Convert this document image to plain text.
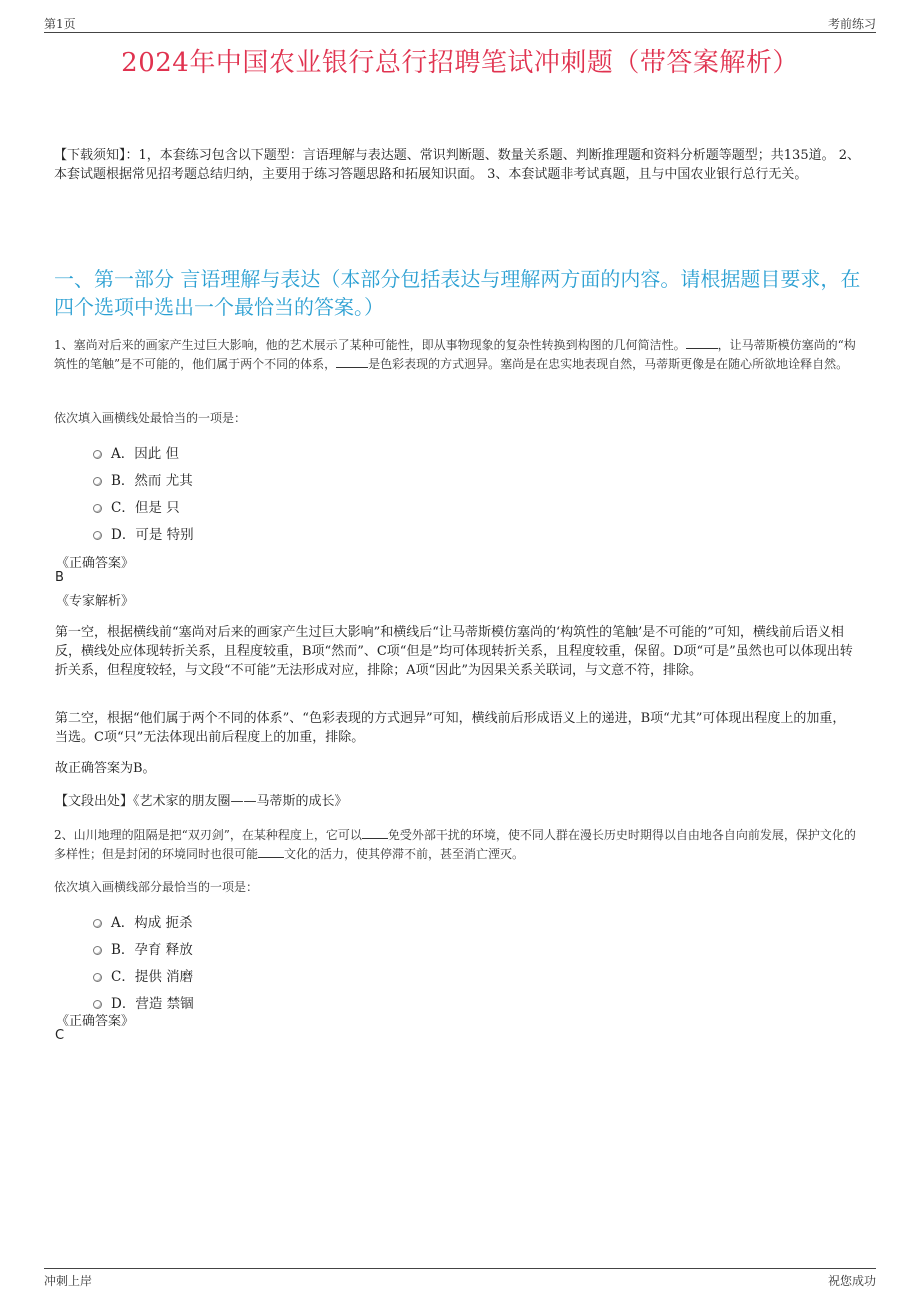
第1页	考前练习
2024年中国农业银行总行招聘笔试冲刺题（带答案解析）
【下载须知】：1，本套练习包含以下题型：言语理解与表达题、常识判断题、数量关系题、判断推理题和资料分析题等题型；共135道。 2、本套试题根据常见招考题总结归纳，主要用于练习答题思路和拓展知识面。 3、本套试题非考试真题，且与中国农业银行总行无关。
一、第一部分 言语理解与表达（本部分包括表达与理解两方面的内容。请根据题目要求，在四个选项中选出一个最恰当的答案。）
1、塞尚对后来的画家产生过巨大影响，他的艺术展示了某种可能性，即从事物现象的复杂性转换到构图的几何简洁性。	，让马蒂斯模仿塞尚的“构筑性的笔触”是不可能的，他们属于两个不同的体系，	是色彩表现的方式迥异。塞尚是在忠实地表现自然，马蒂斯更像是在随心所欲地诠释自然。
依次填入画横线处最恰当的一项是：
A．因此 但
B．然而 尤其
C．但是 只
D．可是 特别
《正确答案》
B
《专家解析》
第一空，根据横线前“塞尚对后来的画家产生过巨大影响”和横线后“让马蒂斯模仿塞尚的‘构筑性的笔触’是不可能的”可知，横线前后语义相反，横线处应体现转折关系，且程度较重，B项“然而”、C项“但是”均可体现转折关系，且程度较重，保留。D项“可是”虽然也可以体现出转折关系，但程度较轻，与文段“不可能”无法形成对应，排除；A项“因此”为因果关系关联词，与文意不符，排除。
第二空，根据“他们属于两个不同的体系”、“色彩表现的方式迥异”可知，横线前后形成语义上的递进，B项“尤其”可体现出程度上的加重，当选。C项“只”无法体现出前后程度上的加重，排除。
故正确答案为B。
【文段出处】《艺术家的朋友圈——马蒂斯的成长》
2、山川地理的阻隔是把“双刃剑”，在某种程度上，它可以 免受外部干扰的环境，使不同人群在漫长历史时期得以自由地各自向前发展，保护文化的多样性；但是封闭的环境同时也很可能 文化的活力，使其停滞不前，甚至消亡湮灭。
依次填入画横线部分最恰当的一项是：
A．构成 扼杀
B．孕育 释放
C．提供 消磨
D．营造 禁锢
《正确答案》
C
冲刺上岸	祝您成功
